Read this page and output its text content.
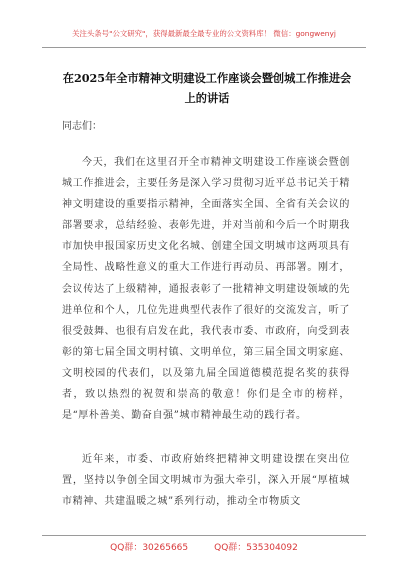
关注头条号"公文研究"，获得最新最全最专业的公文资料库！ 微信：gongwenyj
在2025年全市精神文明建设工作座谈会暨创城工作推进会
上的讲话
同志们：

今天，我们在这里召开全市精神文明建设工作座谈会暨创城工作推进会，主要任务是深入学习贯彻习近平总书记关于精神文明建设的重要指示精神，全面落实全国、全省有关会议的部署要求，总结经验、表彰先进，并对当前和今后一个时期我市加快申报国家历史文化名城、创建全国文明城市这两项具有全局性、战略性意义的重大工作进行再动员、再部署。刚才，会议传达了上级精神，通报表彰了一批精神文明建设领域的先进单位和个人，几位先进典型代表作了很好的交流发言，听了很受鼓舞、也很有启发在此，我代表市委、市政府，向受到表彰的第七届全国文明村镇、文明单位，第三届全国文明家庭、文明校园的代表们，以及第九届全国道德模范提名奖的获得者，致以热烈的祝贺和崇高的敬意！你们是全市的榜样，是“厚朴善美、勤奋自强”城市精神最生动的践行者。

近年来，市委、市政府始终把精神文明建设摆在突出位置，坚持以争创全国文明城市为强大牵引，深入开展“厚植城市精神、共建温暖之城”系列行动，推动全市物质文

QQ群：30265665	QQ群：535304092
